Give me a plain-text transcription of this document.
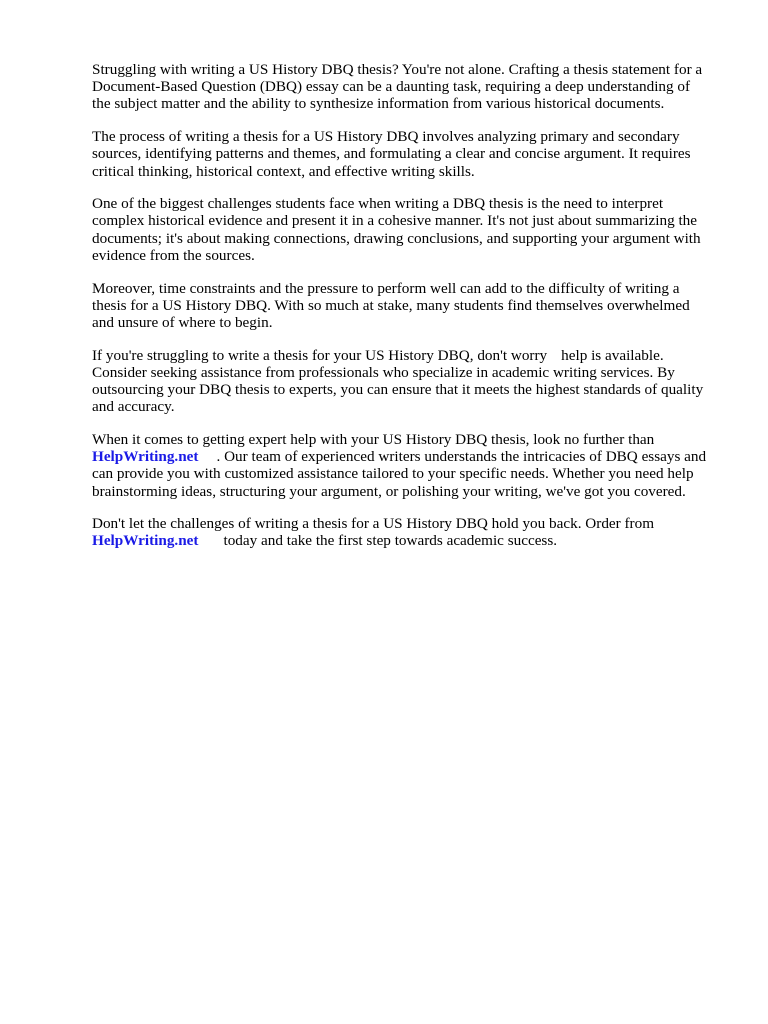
Struggling with writing a US History DBQ thesis? You're not alone. Crafting a thesis statement for a
Document-Based Question (DBQ) essay can be a daunting task, requiring a deep understanding of
the subject matter and the ability to synthesize information from various historical documents.

The process of writing a thesis for a US History DBQ involves analyzing primary and secondary
sources, identifying patterns and themes, and formulating a clear and concise argument. It requires
critical thinking, historical context, and effective writing skills.

One of the biggest challenges students face when writing a DBQ thesis is the need to interpret
complex historical evidence and present it in a cohesive manner. It's not just about summarizing the
documents; it's about making connections, drawing conclusions, and supporting your argument with
evidence from the sources.

Moreover, time constraints and the pressure to perform well can add to the difficulty of writing a
thesis for a US History DBQ. With so much at stake, many students find themselves overwhelmed
and unsure of where to begin.

If you're struggling to write a thesis for your US History DBQ, don't worry help is available.
Consider seeking assistance from professionals who specialize in academic writing services. By
outsourcing your DBQ thesis to experts, you can ensure that it meets the highest standards of quality
and accuracy.

When it comes to getting expert help with your US History DBQ thesis, look no further than
HelpWriting.net . Our team of experienced writers understands the intricacies of DBQ essays and
can provide you with customized assistance tailored to your specific needs. Whether you need help
brainstorming ideas, structuring your argument, or polishing your writing, we've got you covered.

Don't let the challenges of writing a thesis for a US History DBQ hold you back. Order from
HelpWriting.net today and take the first step towards academic success.
